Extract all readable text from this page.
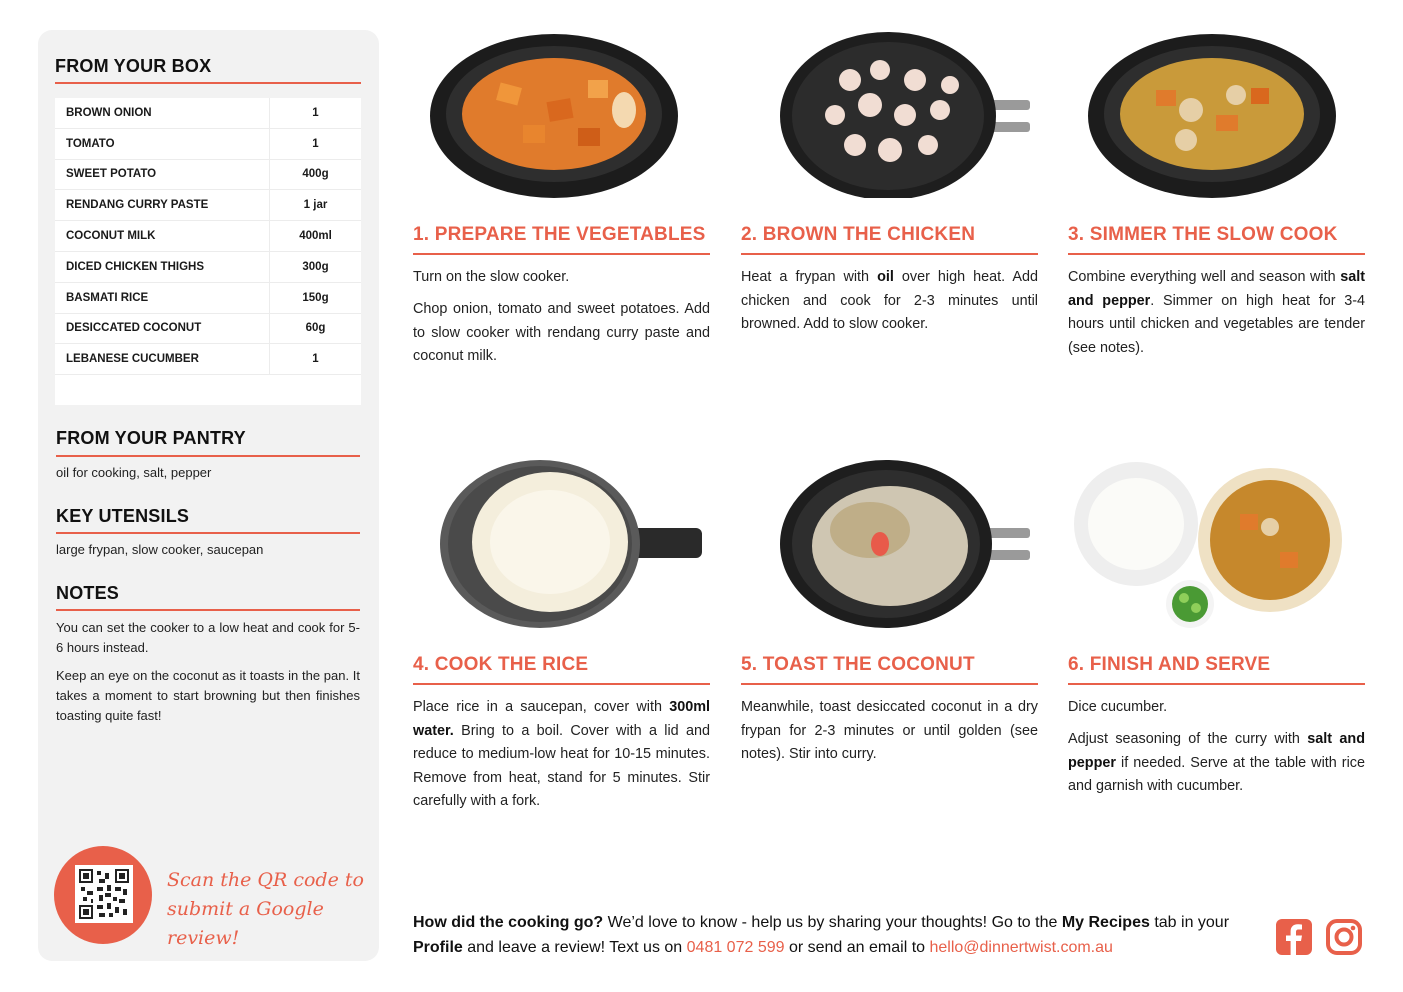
FROM YOUR BOX
BROWN ONION	1
TOMATO	1
SWEET POTATO	400g
RENDANG CURRY PASTE	1 jar
COCONUT MILK	400ml
DICED CHICKEN THIGHS	300g
BASMATI RICE	150g
DESICCATED COCONUT	60g
LEBANESE CUCUMBER	1
FROM YOUR PANTRY
oil for cooking, salt, pepper
KEY UTENSILS
large frypan, slow cooker, saucepan
NOTES
You can set the cooker to a low heat and cook for 5-6 hours instead.
Keep an eye on the coconut as it toasts in the pan. It takes a moment to start browning but then finishes toasting quite fast!
Scan the QR code to
submit a Google review!
1. PREPARE THE VEGETABLES
Turn on the slow cooker.
Chop onion, tomato and sweet potatoes. Add to slow cooker with rendang curry paste and coconut milk.
2. BROWN THE CHICKEN
Heat a frypan with oil over high heat. Add chicken and cook for 2-3 minutes until browned. Add to slow cooker.
3. SIMMER THE SLOW COOK
Combine everything well and season with salt and pepper. Simmer on high heat for 3-4 hours until chicken and vegetables are tender (see notes).
4. COOK THE RICE
Place rice in a saucepan, cover with 300ml water. Bring to a boil. Cover with a lid and reduce to medium-low heat for 10-15 minutes. Remove from heat, stand for 5 minutes. Stir carefully with a fork.
5. TOAST THE COCONUT
Meanwhile, toast desiccated coconut in a dry frypan for 2-3 minutes or until golden (see notes). Stir into curry.
6. FINISH AND SERVE
Dice cucumber.
Adjust seasoning of the curry with salt and pepper if needed. Serve at the table with rice and garnish with cucumber.
How did the cooking go? We’d love to know - help us by sharing your thoughts! Go to the My Recipes tab in your Profile and leave a review! Text us on 0481 072 599 or send an email to hello@dinnertwist.com.au
